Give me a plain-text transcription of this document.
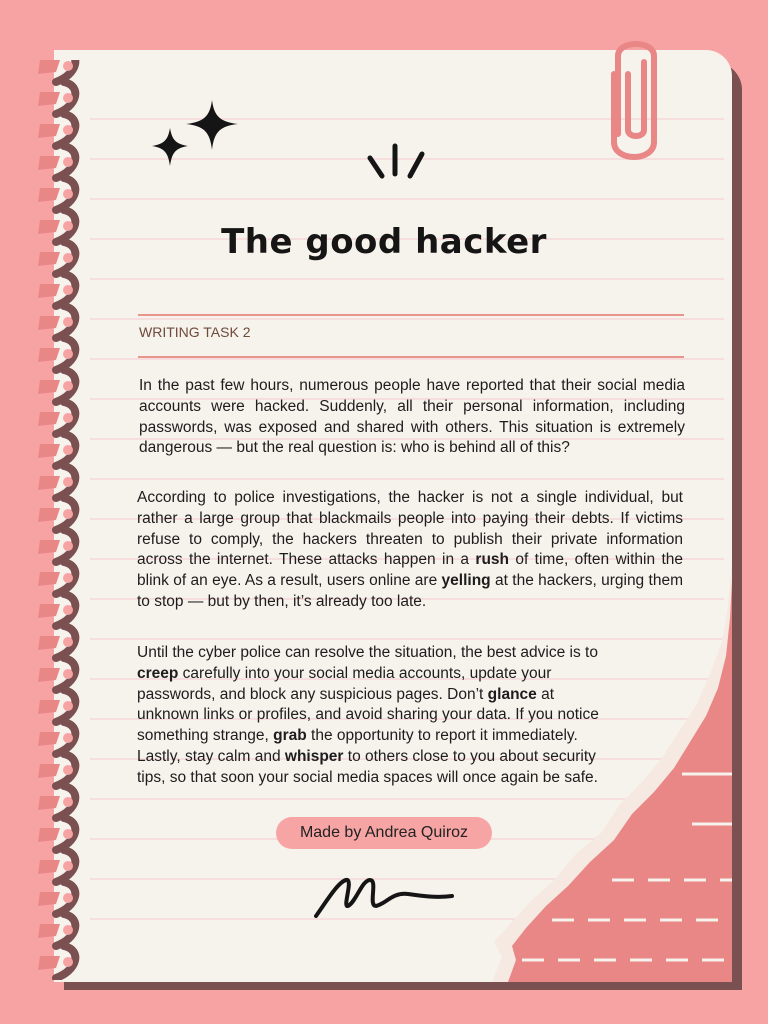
The good hacker
WRITING TASK 2
In the past few hours, numerous people have reported that their social media accounts were hacked. Suddenly, all their personal information, including passwords, was exposed and shared with others. This situation is extremely dangerous — but the real question is: who is behind all of this?
According to police investigations, the hacker is not a single individual, but rather a large group that blackmails people into paying their debts. If victims refuse to comply, the hackers threaten to publish their private information across the internet. These attacks happen in a rush of time, often within the blink of an eye. As a result, users online are yelling at the hackers, urging them to stop — but by then, it’s already too late.
Until the cyber police can resolve the situation, the best advice is to
creep carefully into your social media accounts, update your
passwords, and block any suspicious pages. Don’t glance at
unknown links or profiles, and avoid sharing your data. If you notice
something strange, grab the opportunity to report it immediately.
Lastly, stay calm and whisper to others close to you about security
tips, so that soon your social media spaces will once again be safe.
Made by Andrea Quiroz
